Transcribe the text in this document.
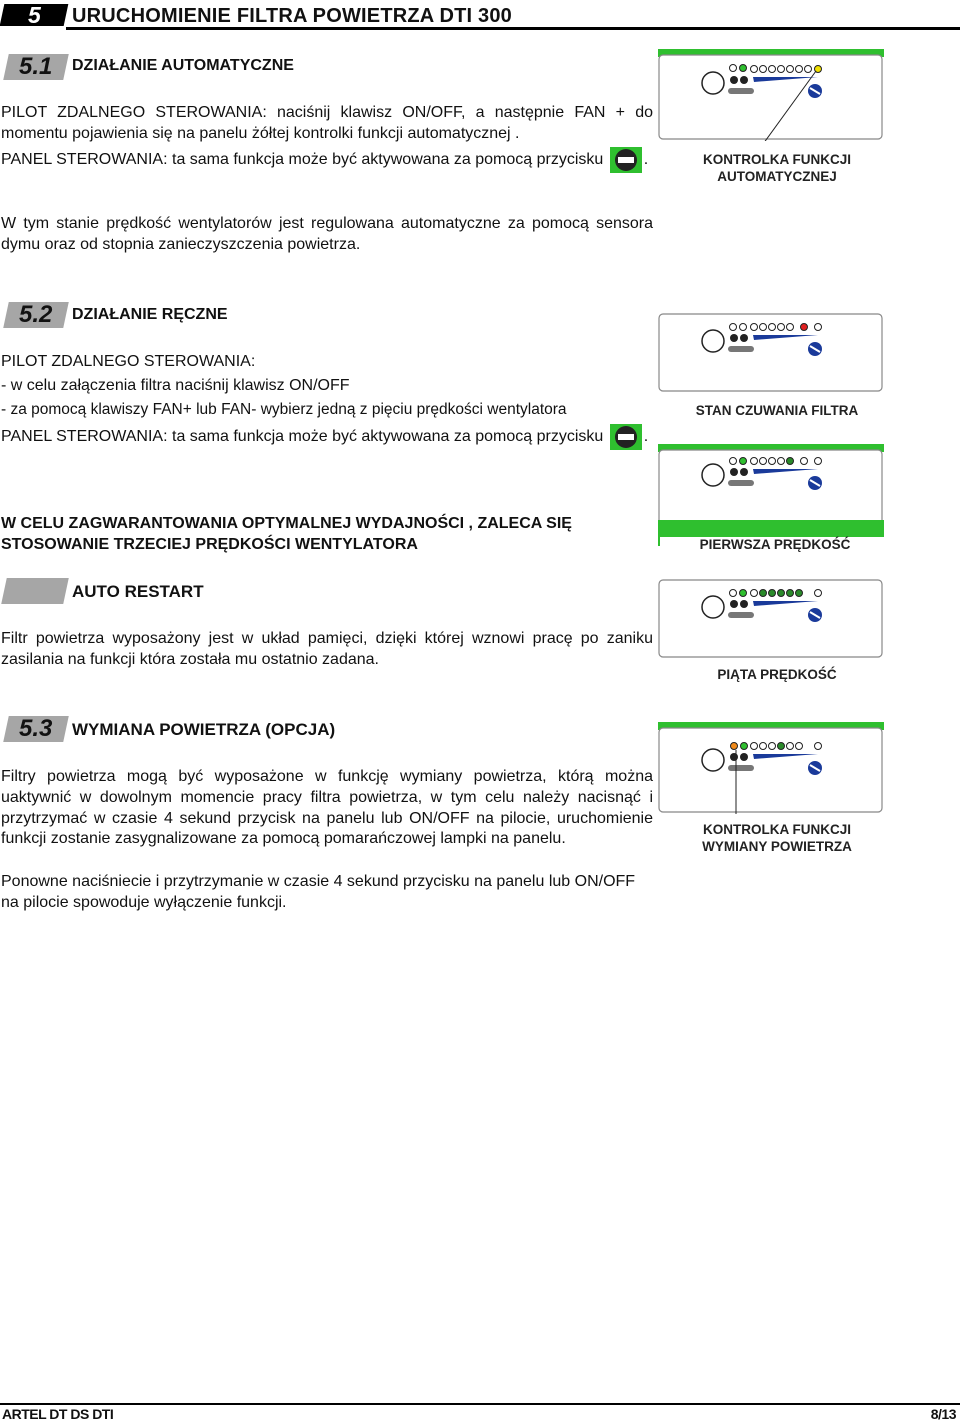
5	URUCHOMIENIE FILTRA POWIETRZA DTI 300
5.1	DZIAŁANIE AUTOMATYCZNE
PILOT ZDALNEGO STEROWANIA: naciśnij klawisz ON/OFF, a następnie FAN + do momentu pojawienia się na panelu żółtej kontrolki funkcji automatycznej .
PANEL STEROWANIA: ta sama funkcja może być aktywowana za pomocą przycisku	.
W tym stanie prędkość wentylatorów jest regulowana automatyczne za pomocą sensora dymu oraz od stopnia zanieczyszczenia powietrza.
KONTROLKA FUNKCJI
AUTOMATYCZNEJ
5.2	DZIAŁANIE RĘCZNE
PILOT ZDALNEGO STEROWANIA:
- w celu załączenia filtra naciśnij klawisz ON/OFF
- za pomocą klawiszy FAN+ lub FAN- wybierz jedną z pięciu prędkości wentylatora
PANEL STEROWANIA: ta sama funkcja może być aktywowana za pomocą przycisku	.
W CELU ZAGWARANTOWANIA OPTYMALNEJ WYDAJNOŚCI , ZALECA SIĘ
STOSOWANIE TRZECIEJ PRĘDKOŚCI WENTYLATORA
STAN CZUWANIA FILTRA
PIERWSZA PRĘDKOŚĆ
AUTO RESTART
Filtr powietrza wyposażony jest w układ pamięci, dzięki której wznowi pracę po zaniku zasilania na funkcji która została mu ostatnio zadana.
PIĄTA PRĘDKOŚĆ
5.3	WYMIANA POWIETRZA (OPCJA)
Filtry powietrza mogą być wyposażone w funkcję wymiany powietrza, którą można uaktywnić w dowolnym momencie pracy filtra powietrza, w tym celu należy nacisnąć i przytrzymać w czasie 4 sekund przycisk na panelu lub ON/OFF na pilocie, uruchomienie funkcji zostanie zasygnalizowane za pomocą pomarańczowej lampki na panelu.
Ponowne naciśniecie i przytrzymanie w czasie 4 sekund przycisku na panelu lub ON/OFF na pilocie spowoduje wyłączenie funkcji.
KONTROLKA FUNKCJI
WYMIANY POWIETRZA
ARTEL DT DS DTI	8/13
